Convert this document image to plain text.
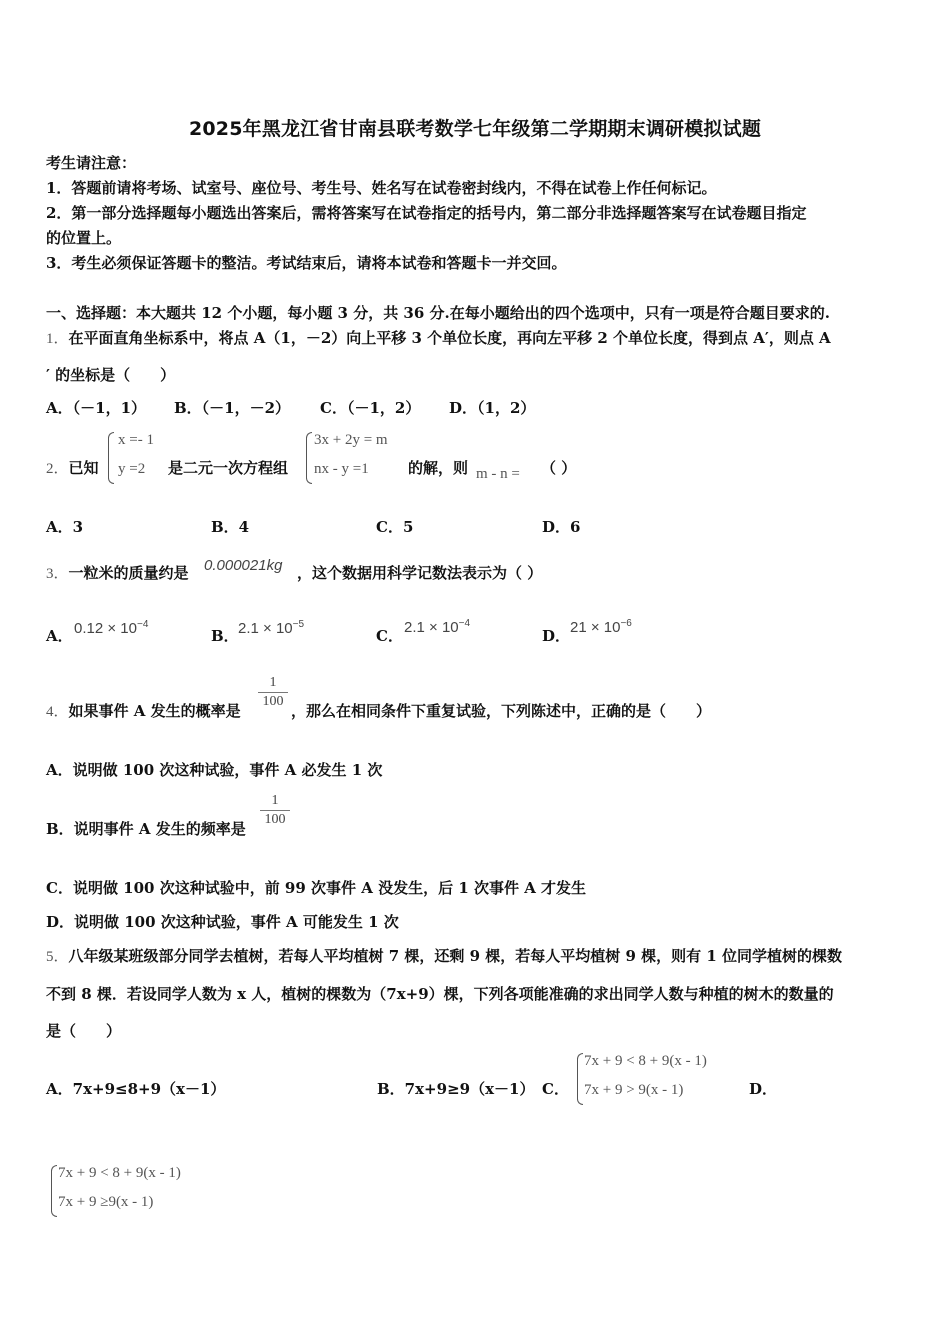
2025年黑龙江省甘南县联考数学七年级第二学期期末调研模拟试题
考生请注意：
1．答题前请将考场、试室号、座位号、考生号、姓名写在试卷密封线内，不得在试卷上作任何标记。
2．第一部分选择题每小题选出答案后，需将答案写在试卷指定的括号内，第二部分非选择题答案写在试卷题目指定
的位置上。
3．考生必须保证答题卡的整洁。考试结束后，请将本试卷和答题卡一并交回。
一、选择题：本大题共 12 个小题，每小题 3 分，共 36 分.在每小题给出的四个选项中，只有一项是符合题目要求的.
1．在平面直角坐标系中，将点 A（1，－2）向上平移 3 个单位长度，再向左平移 2 个单位长度，得到点 A′，则点 A
′ 的坐标是（　　）
A．（－1，1） B．（－1，－2） C．（－1，2） D．（1，2）
2．已知
x =- 1
y =2 是二元一次方程组
3x + 2y = m
nx - y =1	的解，则 m - n = （ ）
A．3	B．4	C．5	D．6
3．一粒米的质量约是 0.000021kg ，这个数据用科学记数法表示为（ ）
A． $0.12 \times 10^{-4}$
B． $2.1 \times 10^{-5}$
C． $2.1 \times 10^{-4}$
D． $21 \times 10^{-6}$
4．如果事件 A 发生的概率是
1
100
，那么在相同条件下重复试验，下列陈述中，正确的是（　　）
A．说明做 100 次这种试验，事件 A 必发生 1 次
B．说明事件 A 发生的频率是
1
100
C．说明做 100 次这种试验中，前 99 次事件 A 没发生，后 1 次事件 A 才发生
D．说明做 100 次这种试验，事件 A 可能发生 1 次
5．八年级某班级部分同学去植树，若每人平均植树 7 棵，还剩 9 棵，若每人平均植树 9 棵，则有 1 位同学植树的棵数
不到 8 棵．若设同学人数为 x 人，植树的棵数为（7x+9）棵，下列各项能准确的求出同学人数与种植的树木的数量的
是（　　）
A．7x+9≤8+9（x－1）	B．7x+9≥9（x－1） C．
7x + 9 < 8 + 9(x - 1)
7x + 9 > 9(x - 1)	D．
7x + 9 < 8 + 9(x - 1)
7x + 9 ≥9(x - 1)
